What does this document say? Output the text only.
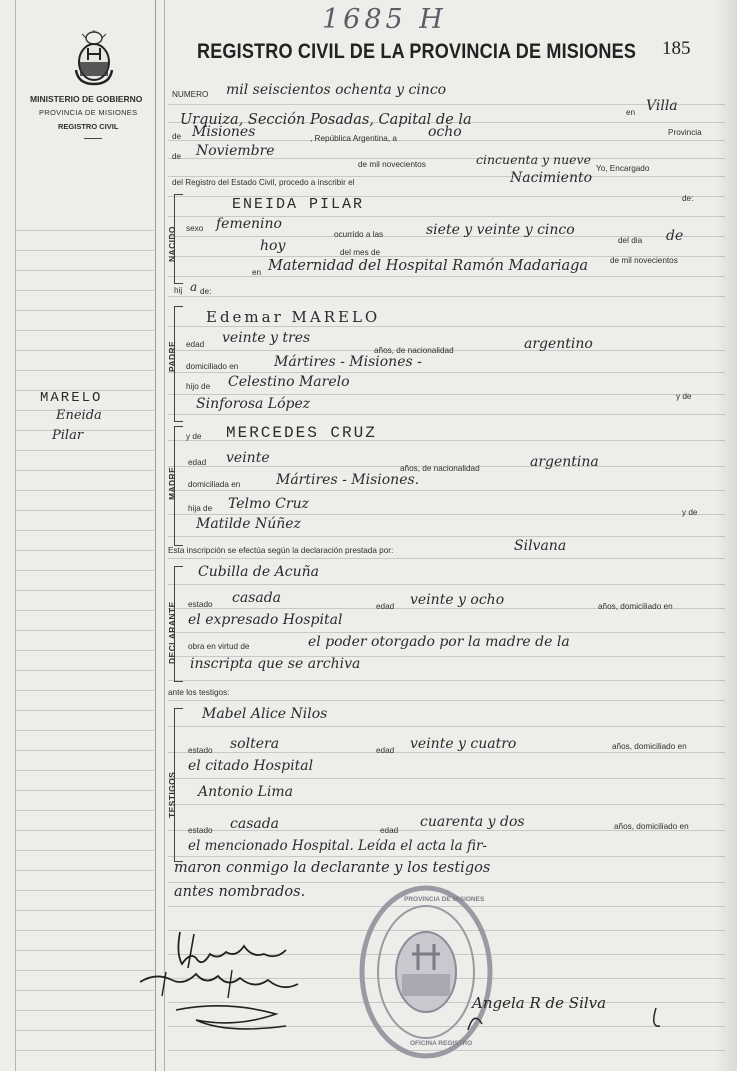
1685 H
185
MINISTERIO DE GOBIERNO
PROVINCIA DE MISIONES
REGISTRO CIVIL
REGISTRO CIVIL DE LA PROVINCIA DE MISIONES
MARELO
Eneida
Pilar
NUMERO mil seiscientos ochenta y cinco
en Villa
Urquiza, Sección Posadas, Capital de la
Provincia
de Misiones	, República Argentina, a ocho
de Noviembre
de mil novecientos	cincuenta y nueve
Yo, Encargado
del Registro del Estado Civil, procedo a inscribir el	Nacimiento
NACIDO
ENEIDA PILAR	de:
sexo femenino
ocurrido a las	siete y veinte y cinco
del dia de
hoy	del mes de
de mil novecientos
en Maternidad del Hospital Ramón Madariaga
hij a de:
PADRE
Edemar MARELO
edad veinte y tres
años, de nacionalidad	argentino
domiciliado en	Mártires - Misiones -
hijo de Celestino Marelo
y de
Sinforosa López
y de
MADRE
MERCEDES CRUZ
edad veinte
años, de nacionalidad	argentina
domiciliada en	Mártires - Misiones.
hija de Telmo Cruz
y de
Matilde Núñez
Esta inscripción se efectúa según la declaración prestada por:	Silvana
DECLARANTE
Cubilla de Acuña
estado casada
edad veinte y ocho	años, domiciliado en
el expresado Hospital
obra en virtud de	el poder otorgado por la madre de la
inscripta que se archiva
ante los testigos:
TESTIGOS
Mabel Alice Nilos
estado soltera	edad veinte y cuatro	años, domiciliado en
el citado Hospital
Antonio Lima
estado casada	edad
cuarenta y dos	años, domiciliado en
el mencionado Hospital. Leída el acta la fir-
maron conmigo la declarante y los testigos
antes nombrados.	PROVINCIA DE MISIONES
OFICINA REGISTRO
Angela R de Silva
